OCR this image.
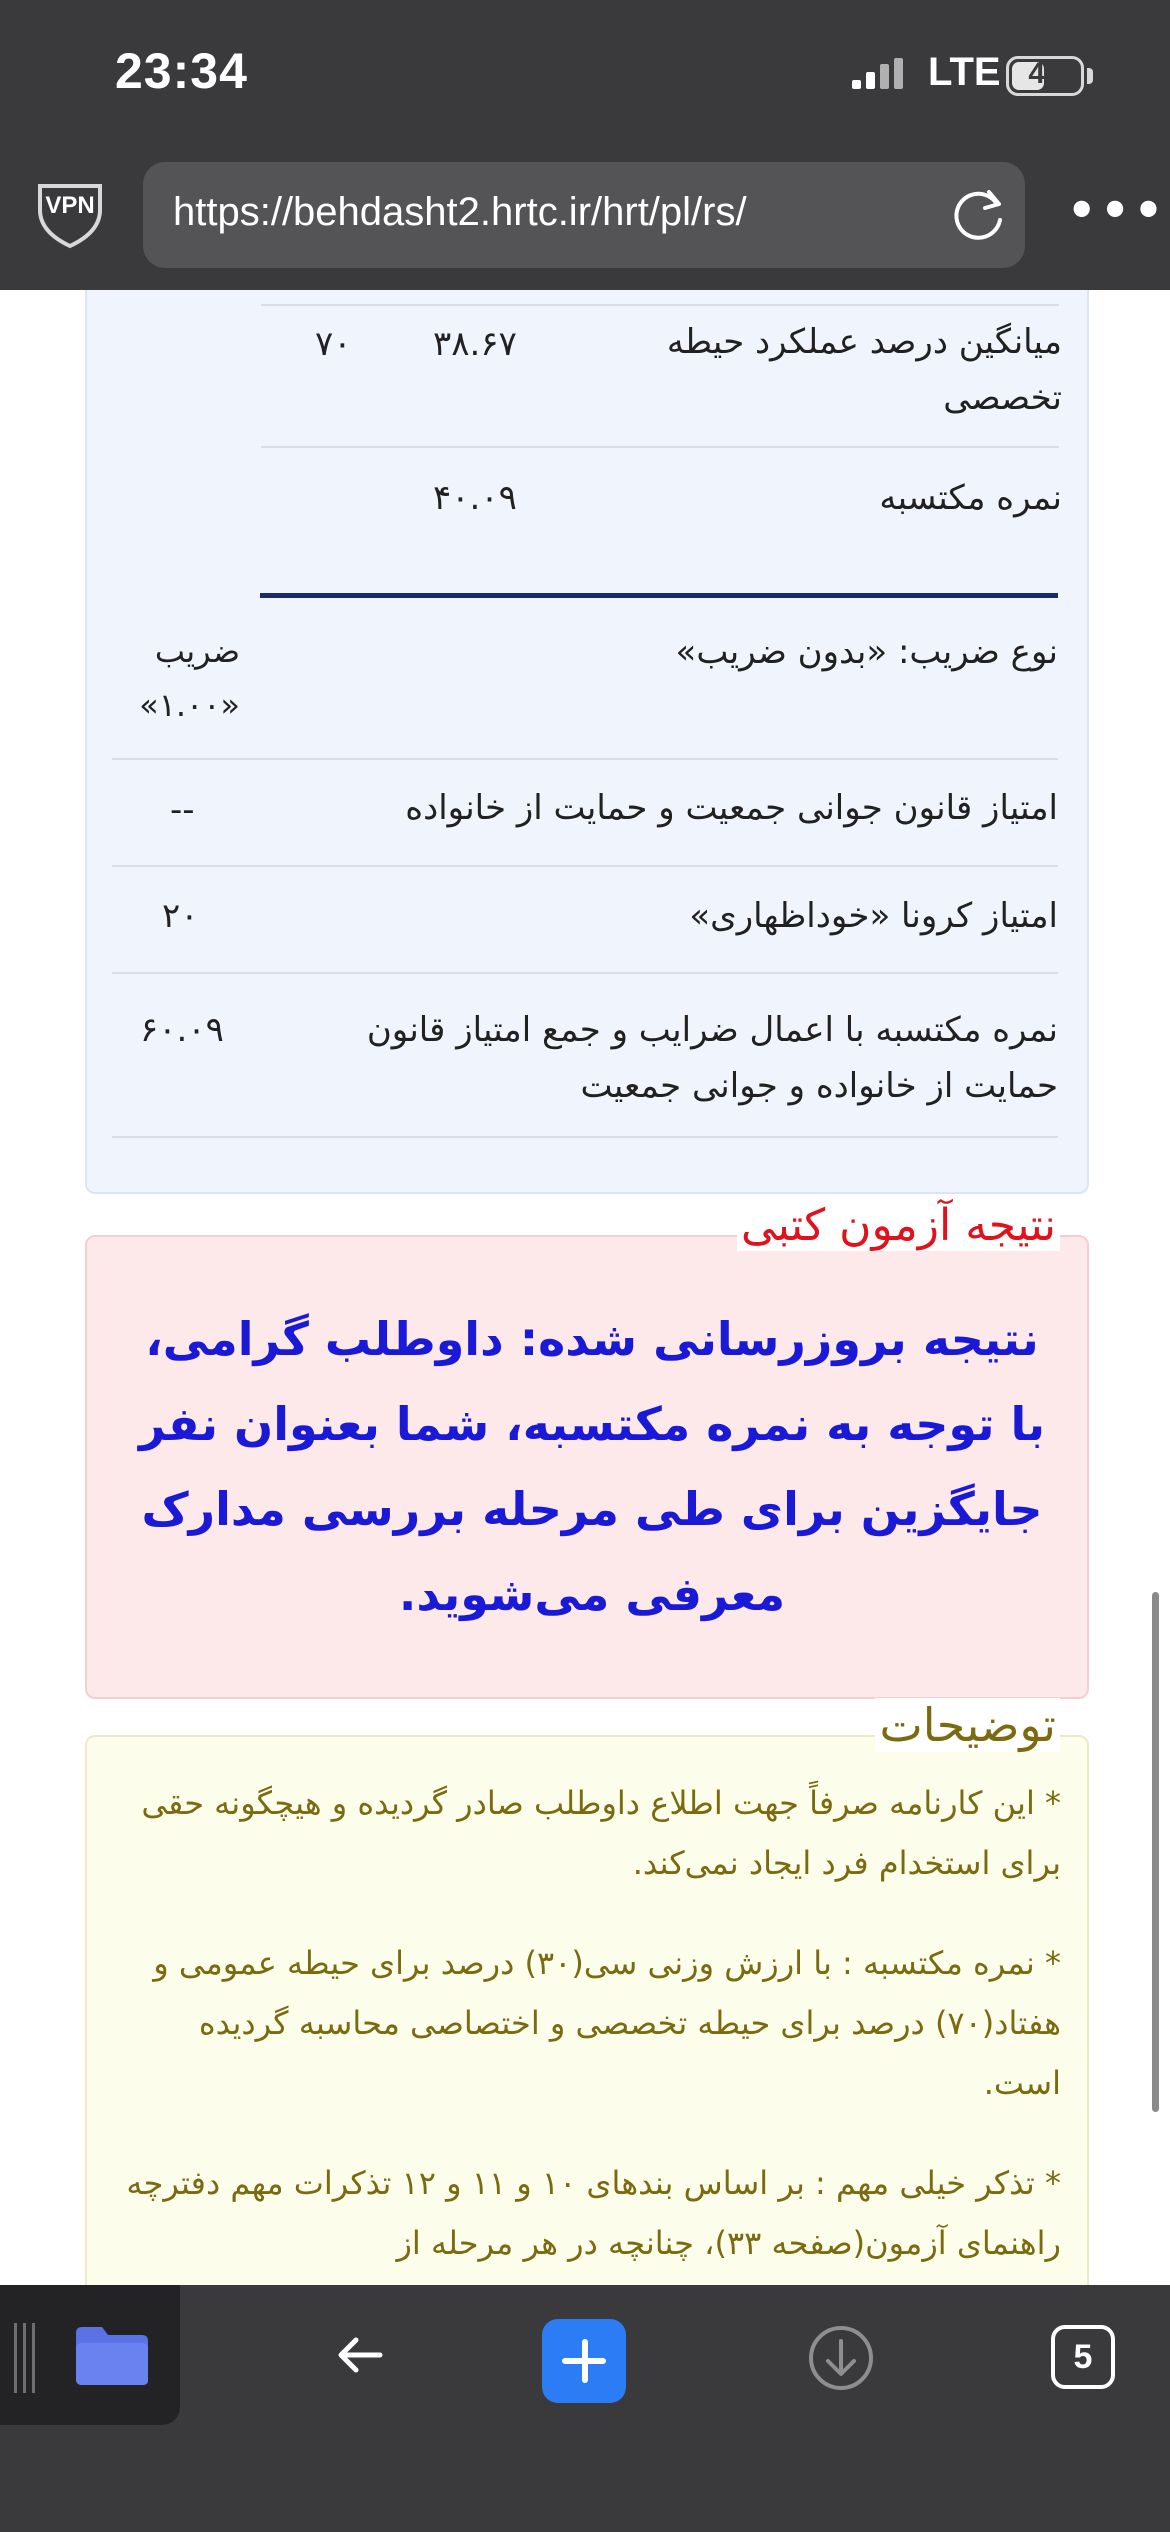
23:34	LTE 47
VPN https://behdasht2.hrtc.ir/hrt/pl/rs/	•••
میانگین درصد عملکرد حیطه تخصصی
۳۸.۶۷
۷۰
نمره مکتسبه
۴۰.۰۹
نوع ضریب: «بدون ضریب»
ضریب «۱.۰۰»
امتیاز قانون جوانی جمعیت و حمایت از خانواده
--
امتیاز کرونا «خوداظهاری»
۲۰
نمره مکتسبه با اعمال ضرایب و جمع امتیاز قانون حمایت از خانواده و جوانی جمعیت
۶۰.۰۹
نتیجه بروزرسانی شده: داوطلب گرامی، با توجه به نمره مکتسبه، شما بعنوان نفر جایگزین برای طی مرحله بررسی مدارک معرفی می‌شوید.
نتیجه آزمون کتبی
* این کارنامه صرفاً جهت اطلاع داوطلب صادر گردیده و هیچگونه حقی برای استخدام فرد ایجاد نمی‌کند.
* نمره مکتسبه : با ارزش وزنی سی(۳۰) درصد برای حیطه عمومی و هفتاد(۷۰) درصد برای حیطه تخصصی و اختصاصی محاسبه گردیده است.
* تذکر خیلی مهم : بر اساس بندهای ۱۰ و ۱۱ و ۱۲ تذکرات مهم دفترچه راهنمای آزمون(صفحه ۳۳)، چنانچه در هر مرحله از
توضیحات
5
